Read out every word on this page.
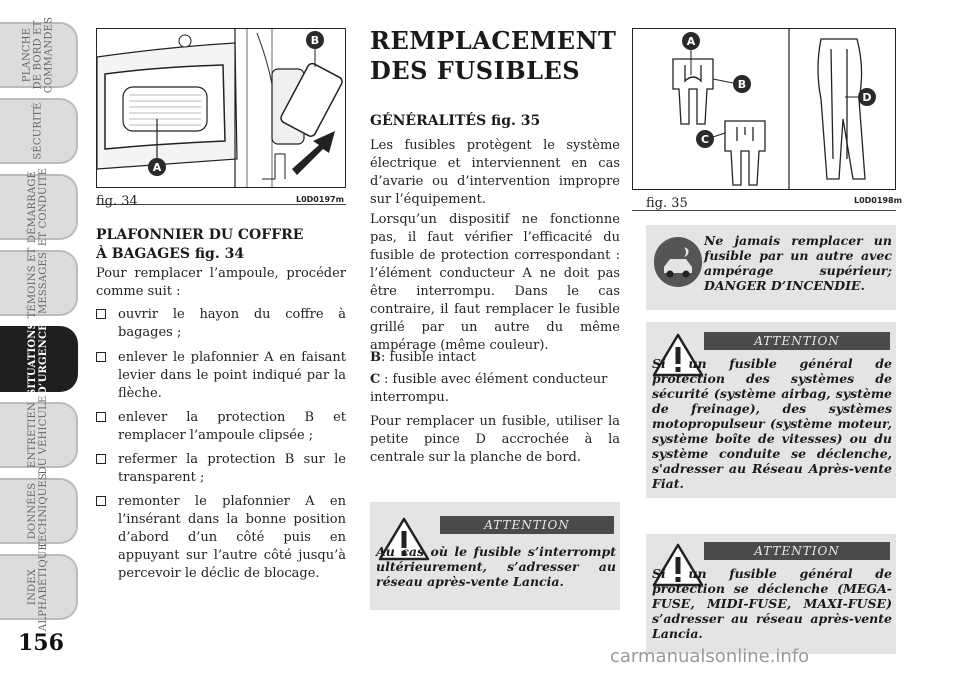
PLANCHE
DE BORD ET
COMMANDES
SÉCURITÉ
DÉMARRAGE
ET CONDUITE
TÉMOINS ET
MESSAGES
SITUATIONS
D’URGENCE
ENTRETIEN
DU VÉHICULE
DONNÉES
TECHNIQUES
INDEX
ALPHABÉTIQUE
156
A
B
fig. 34	L0D0197m
PLAFONNIER DU COFFRE
À BAGAGES fig. 34
Pour remplacer l’ampoule, procéder comme suit :
ouvrir le hayon du coffre à bagages ;
enlever le plafonnier A en faisant levier dans le point indiqué par la flèche.
enlever la protection B et remplacer l’ampoule clipsée ;
refermer la protection B sur le transparent ;
remonter le plafonnier A en l’insérant dans la bonne position d’abord d’un côté puis en appuyant sur l’autre côté jusqu’à percevoir le déclic de blocage.
REMPLACEMENT
DES FUSIBLES
GÉNÉRALITÉS fig. 35
Les fusibles protègent le système électrique et interviennent en cas d’avarie ou d’intervention impropre sur l’équipement.
Lorsqu’un dispositif ne fonctionne pas, il faut vérifier l’efficacité du fusible de protection correspondant : l’élément conducteur A ne doit pas être interrompu. Dans le cas contraire, il faut remplacer le fusible grillé par un autre du même ampérage (même couleur).
B: fusible intact
C : fusible avec élément conducteur interrompu.
Pour remplacer un fusible, utiliser la petite pince D accrochée à la centrale sur la planche de bord.
ATTENTION
Au cas où le fusible s’interrompt ultérieurement, s’adresser au réseau après-vente Lancia.
A
B
C
D
fig. 35	L0D0198m
Ne jamais remplacer un fusible par un autre avec ampérage supérieur; DANGER D’INCENDIE.
ATTENTION
Si un fusible général de protection des systèmes de sécurité (système airbag, système de freinage), des systèmes motopropulseur (système moteur, système boîte de vitesses) ou du système conduite se déclenche, s'adresser au Réseau Après-vente Fiat.
ATTENTION
Si un fusible général de protection se déclenche (MEGA-FUSE, MIDI-FUSE, MAXI-FUSE) s’adresser au réseau après-vente Lancia.
carmanualsonline.info
